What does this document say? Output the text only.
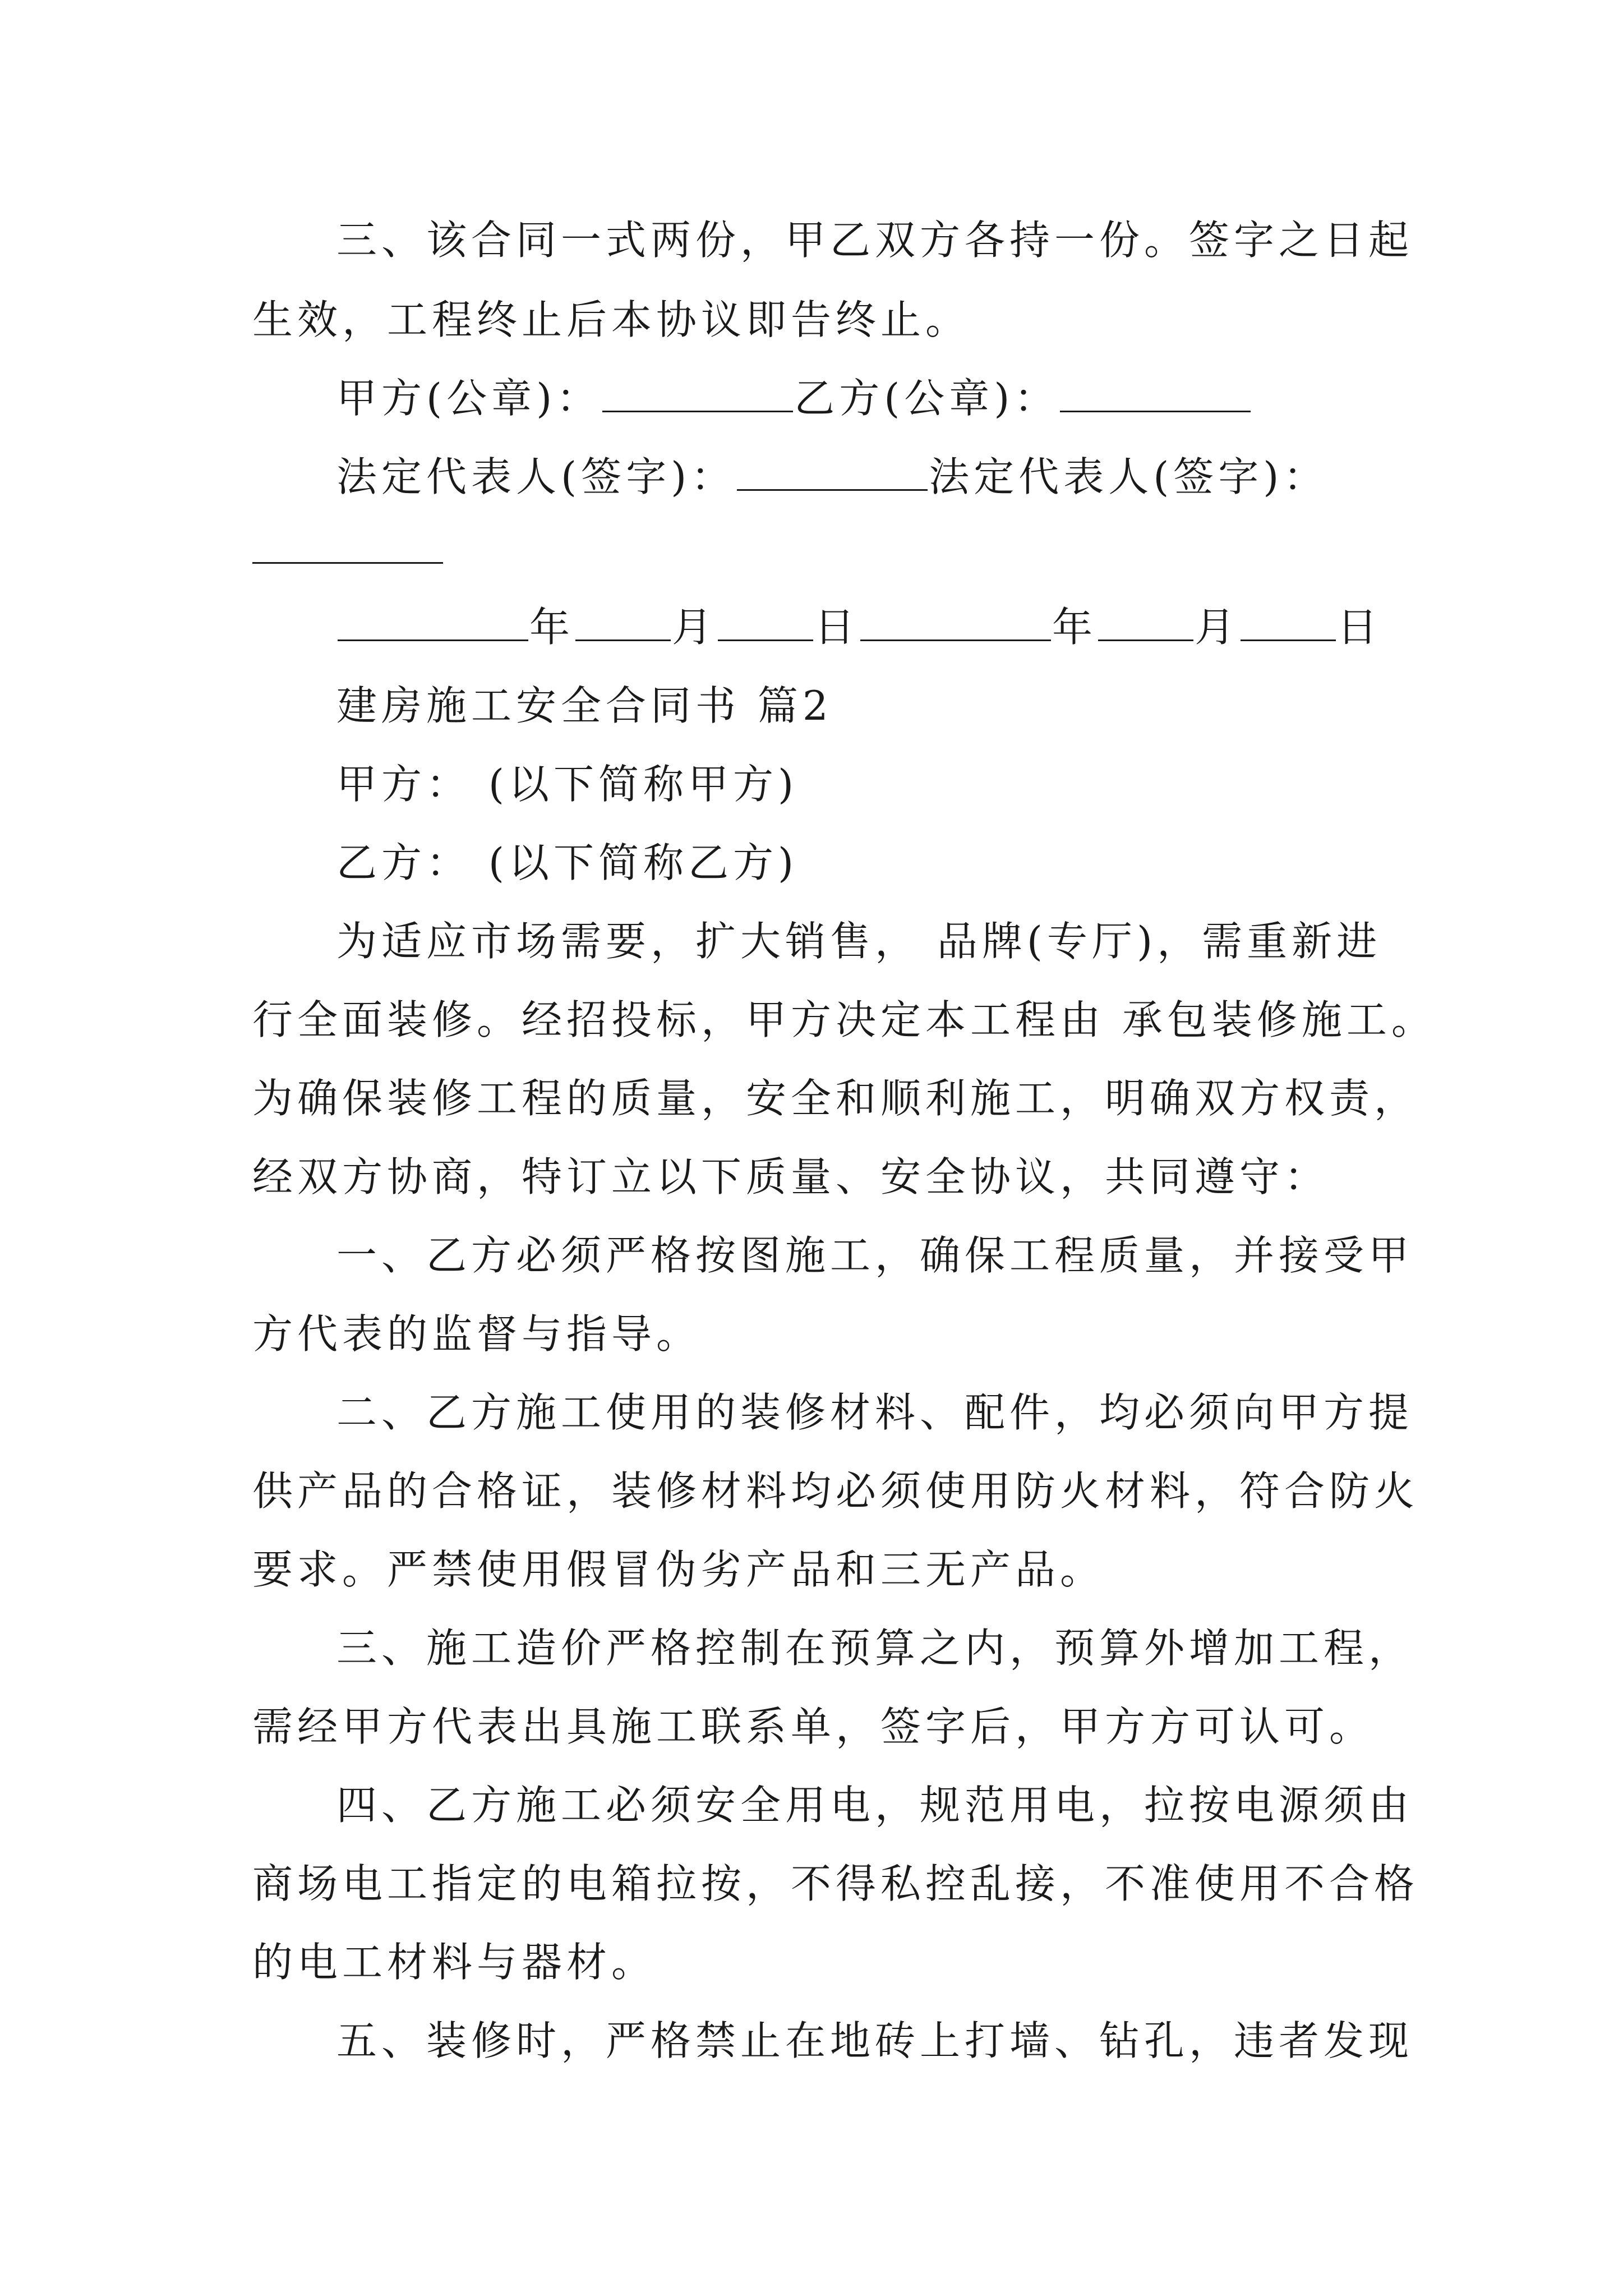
三、该合同一式两份，甲乙双方各持一份。签字之日起
生效，工程终止后本协议即告终止。
甲方(公章)：	乙方(公章)：
法定代表人(签字)：	法定代表人(签字)：
年 月 日	年 月 日
建房施工安全合同书 篇2
甲方： (以下简称甲方)
乙方： (以下简称乙方)
为适应市场需要，扩大销售， 品牌(专厅)，需重新进
行全面装修。经招投标，甲方决定本工程由 承包装修施工。
为确保装修工程的质量，安全和顺利施工，明确双方权责，
经双方协商，特订立以下质量、安全协议，共同遵守：
一、乙方必须严格按图施工，确保工程质量，并接受甲
方代表的监督与指导。
二、乙方施工使用的装修材料、配件，均必须向甲方提
供产品的合格证，装修材料均必须使用防火材料，符合防火
要求。严禁使用假冒伪劣产品和三无产品。
三、施工造价严格控制在预算之内，预算外增加工程，
需经甲方代表出具施工联系单，签字后，甲方方可认可。
四、乙方施工必须安全用电，规范用电，拉按电源须由
商场电工指定的电箱拉按，不得私控乱接，不准使用不合格
的电工材料与器材。
五、装修时，严格禁止在地砖上打墙、钻孔，违者发现
